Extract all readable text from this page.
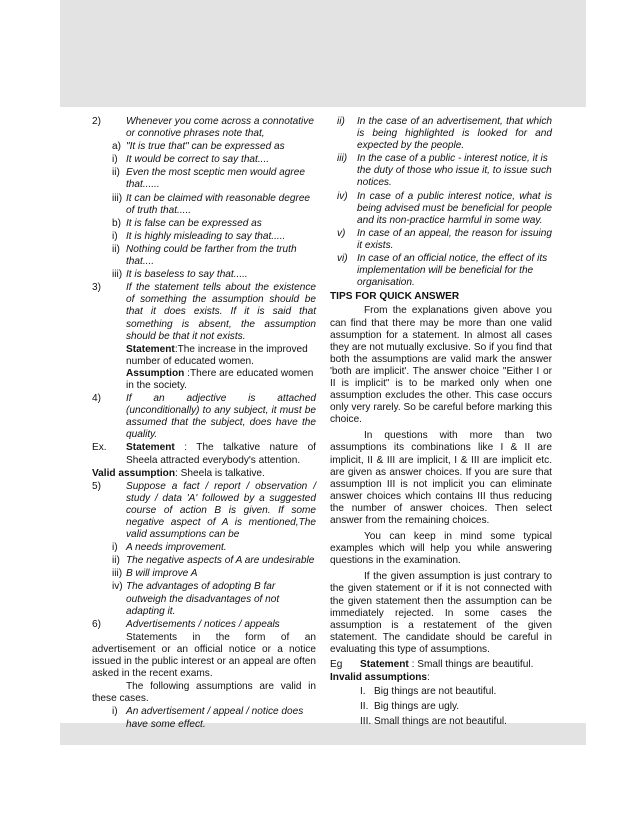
2)	Whenever you come across a connotative or connotive phrases note that,
a) "It is true that" can be expressed as
i) It would be correct to say that....
ii) Even the most sceptic men would agree that......
iii) It can be claimed with reasonable degree of truth that.....
b) It is false can be expressed as
i) It is highly misleading to say that.....
ii) Nothing could be farther from the truth that....
iii) It is baseless to say that.....
3)	If the statement tells about the existence of something the assumption should be that it does exists. If it is said that something is absent, the assumption should be that it not exists.
Statement:The increase in the improved number of educated women.
Assumption :There are educated women in the society.
4)	If an adjective is attached (unconditionally) to any subject, it must be assumed that the subject, does have the quality.
Ex.	Statement : The talkative nature of Sheela attracted everybody's attention.
Valid assumption: Sheela is talkative.
5)	Suppose a fact / report / observation / study / data 'A' followed by a suggested course of action B is given. If some negative aspect of A is mentioned,The valid assumptions can be
i) A needs improvement.
ii) The negative aspects of A are undesirable
iii) B will improve A
iv) The advantages of adopting B far outweigh the disadvantages of not adapting it.
6)	Advertisements / notices / appeals
Statements in the form of an advertisement or an official notice or a notice issued in the public interest or an appeal are often asked in the recent exams.
The following assumptions are valid in these cases.
i) An advertisement / appeal / notice does have some effect.
ii)	In the case of an advertisement, that which is being highlighted is looked for and expected by the people.
iii) In the case of a public - interest notice, it is the duty of those who issue it, to issue such notices.
iv) In case of a public interest notice, what is being advised must be beneficial for people and its non-practice harmful in some way.
v)	In case of an appeal, the reason for issuing it exists.
vi) In case of an official notice, the effect of its implementation will be beneficial for the organisation.
TIPS FOR QUICK ANSWER
From the explanations given above you can find that there may be more than one valid assumption for a statement. In almost all cases they are not mutually exclusive. So if you find that both the assumptions are valid mark the answer 'both are implicit'. The answer choice "Either I or II is implicit" is to be marked only when one assumption excludes the other. This case occurs only very rarely. So be careful before marking this choice.
In questions with more than two assumptions its combinations like I & II are implicit, II & III are implicit, I & III are implicit etc. are given as answer choices. If you are sure that assumption III is not implicit you can eliminate answer choices which contains III thus reducing the number of answer choices. Then select answer from the remaining choices.
You can keep in mind some typical examples which will help you while answering questions in the examination.
If the given assumption is just contrary to the given statement or if it is not connected with the given statement then the assumption can be immediately rejected. In some cases the assumption is a restatement of the given statement. The candidate should be careful in evaluating this type of assumptions.
Eg	Statement : Small things are beautiful.
Invalid assumptions:
I. Big things are not beautiful.
II. Big things are ugly.
III. Small things are not beautiful.
